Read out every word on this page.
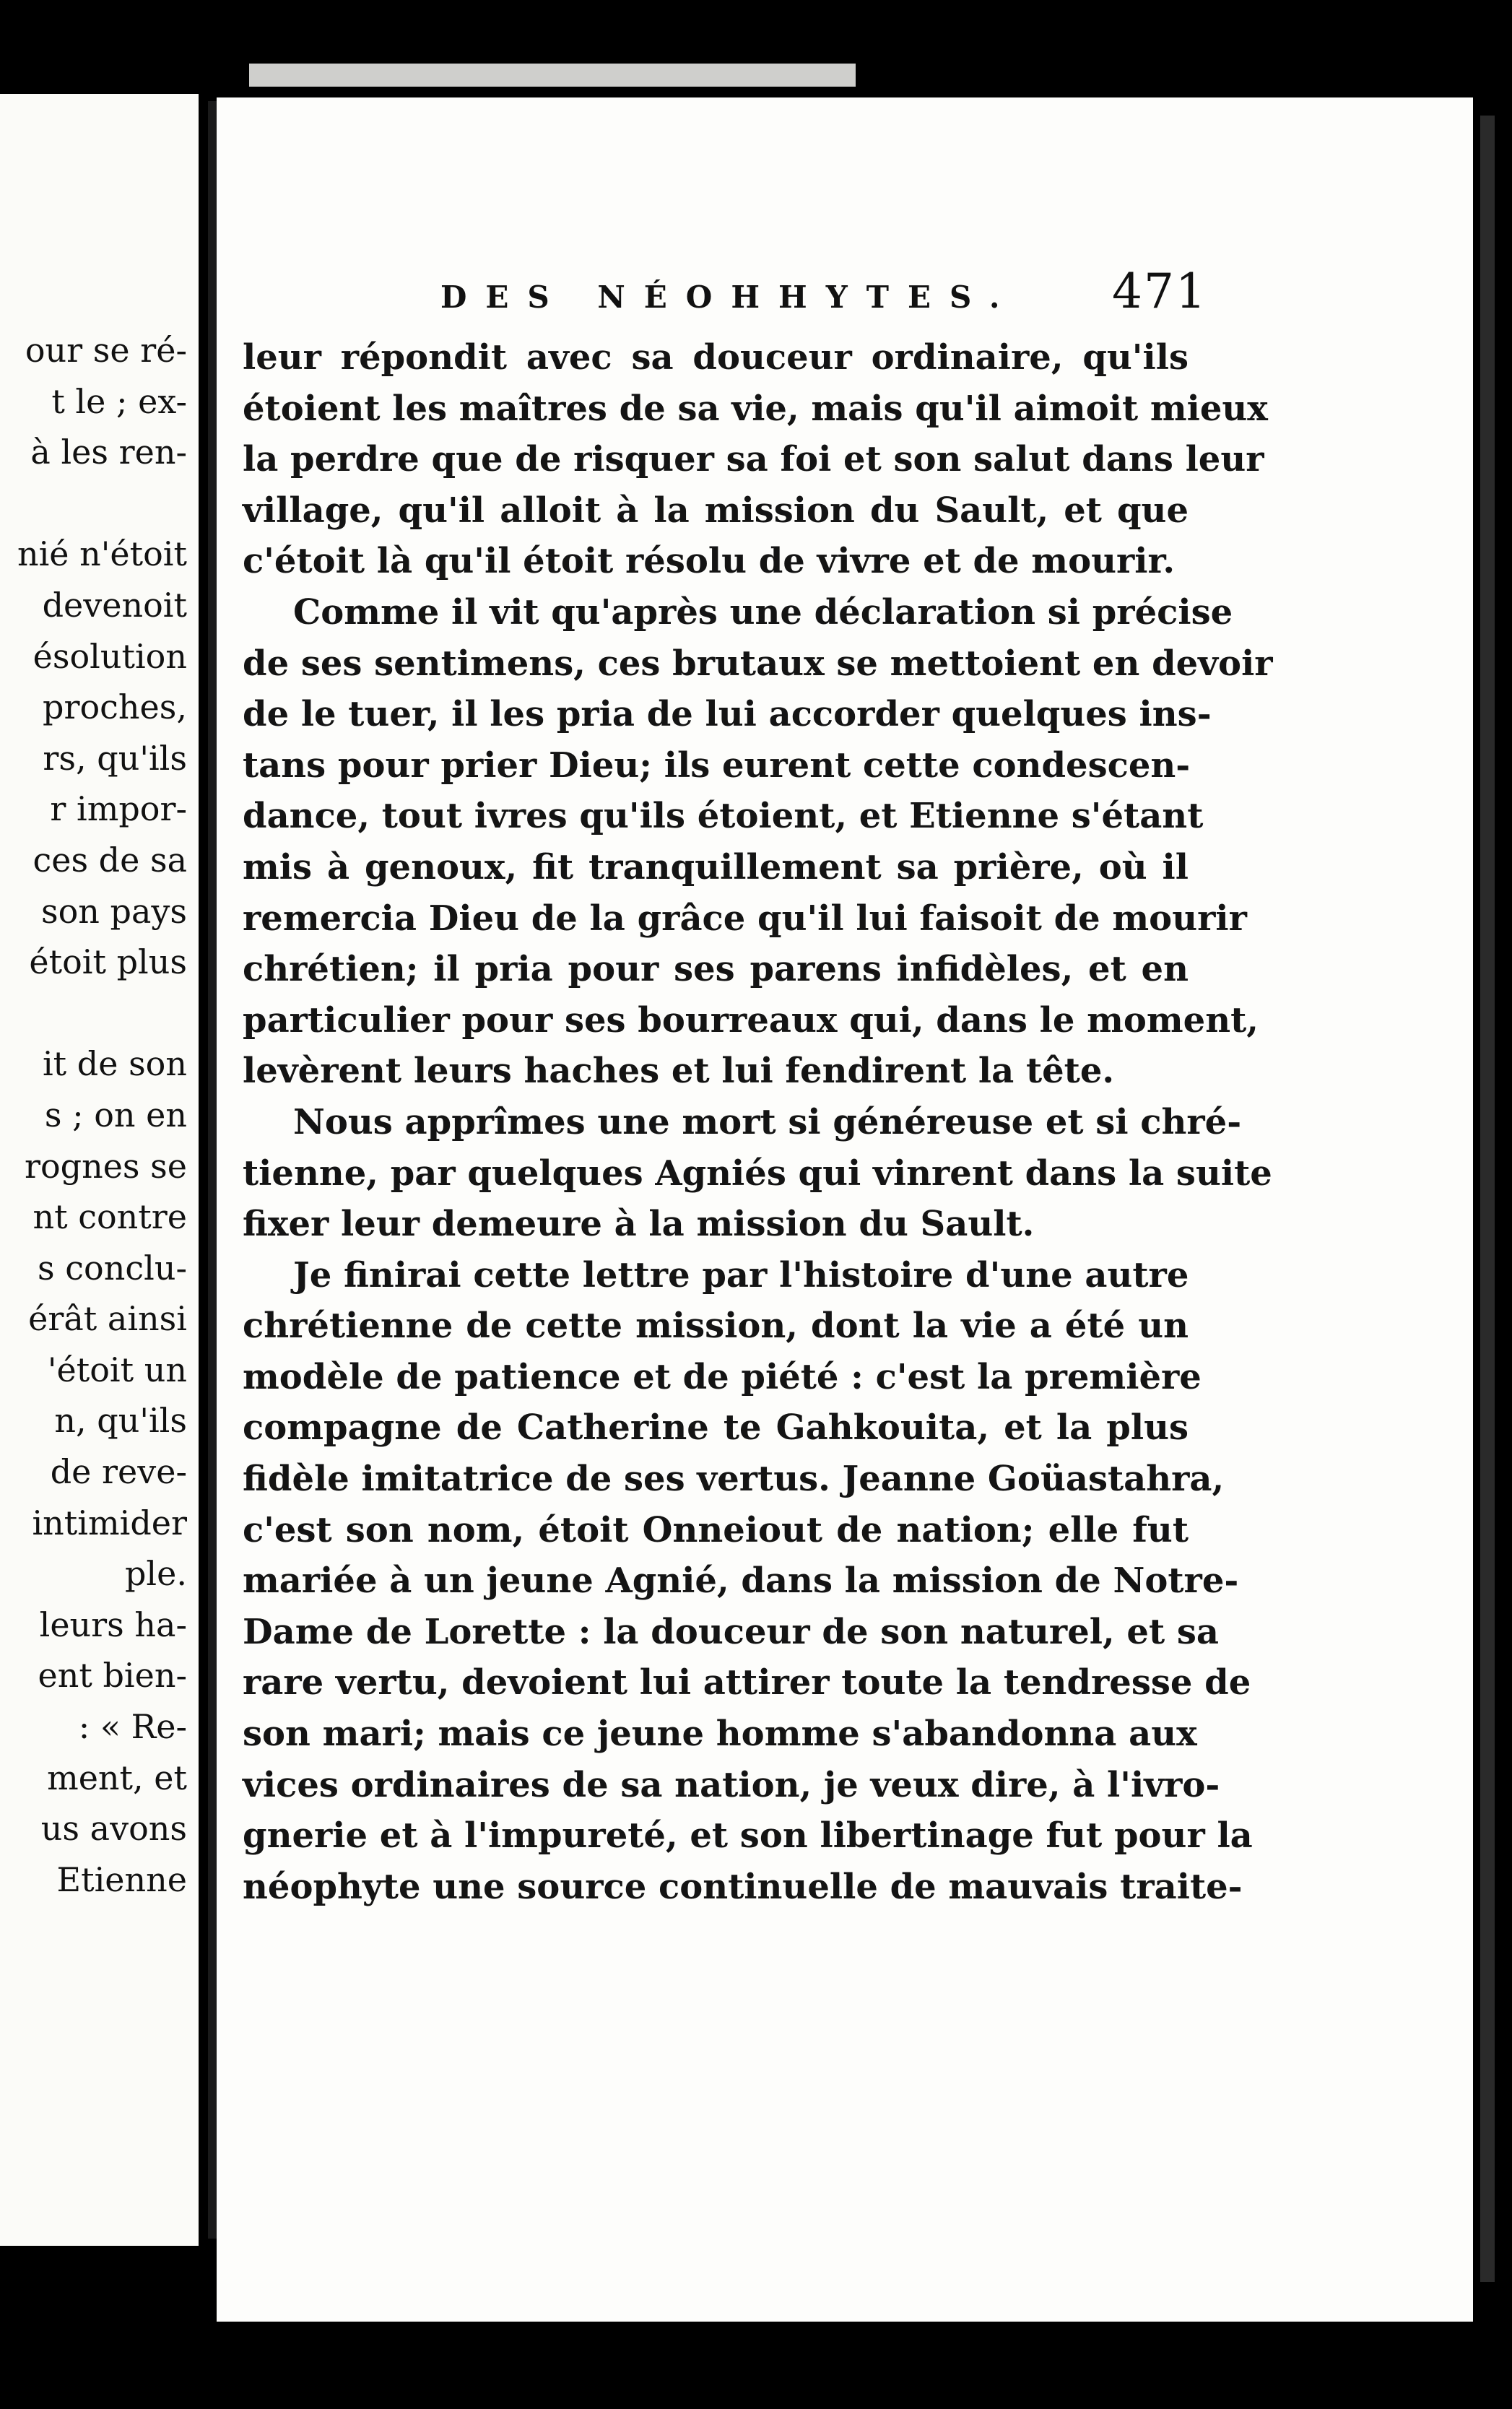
our se ré-
t le ; ex-
à les ren-
nié n'étoit
devenoit
ésolution
proches,
rs, qu'ils
r impor-
ces de sa
son pays
étoit plus
it de son
s ; on en
rognes se
nt contre
s conclu-
érât ainsi
'étoit un
n, qu'ils
de reve-
intimider
ple.
leurs ha-
ent bien-
: « Re-
ment, et
us avons
Etienne
DES NÉOHHYTES. 471
leur répondit avec sa douceur ordinaire, qu'ils
étoient les maîtres de sa vie, mais qu'il aimoit mieux
la perdre que de risquer sa foi et son salut dans leur
village, qu'il alloit à la mission du Sault, et que
c'étoit là qu'il étoit résolu de vivre et de mourir.
Comme il vit qu'après une déclaration si précise
de ses sentimens, ces brutaux se mettoient en devoir
de le tuer, il les pria de lui accorder quelques ins-
tans pour prier Dieu; ils eurent cette condescen-
dance, tout ivres qu'ils étoient, et Etienne s'étant
mis à genoux, fit tranquillement sa prière, où il
remercia Dieu de la grâce qu'il lui faisoit de mourir
chrétien; il pria pour ses parens infidèles, et en
particulier pour ses bourreaux qui, dans le moment,
levèrent leurs haches et lui fendirent la tête.
Nous apprîmes une mort si généreuse et si chré-
tienne, par quelques Agniés qui vinrent dans la suite
fixer leur demeure à la mission du Sault.
Je finirai cette lettre par l'histoire d'une autre
chrétienne de cette mission, dont la vie a été un
modèle de patience et de piété : c'est la première
compagne de Catherine te Gahkouita, et la plus
fidèle imitatrice de ses vertus. Jeanne Goüastahra,
c'est son nom, étoit Onneiout de nation; elle fut
mariée à un jeune Agnié, dans la mission de Notre-
Dame de Lorette : la douceur de son naturel, et sa
rare vertu, devoient lui attirer toute la tendresse de
son mari; mais ce jeune homme s'abandonna aux
vices ordinaires de sa nation, je veux dire, à l'ivro-
gnerie et à l'impureté, et son libertinage fut pour la
néophyte une source continuelle de mauvais traite-
